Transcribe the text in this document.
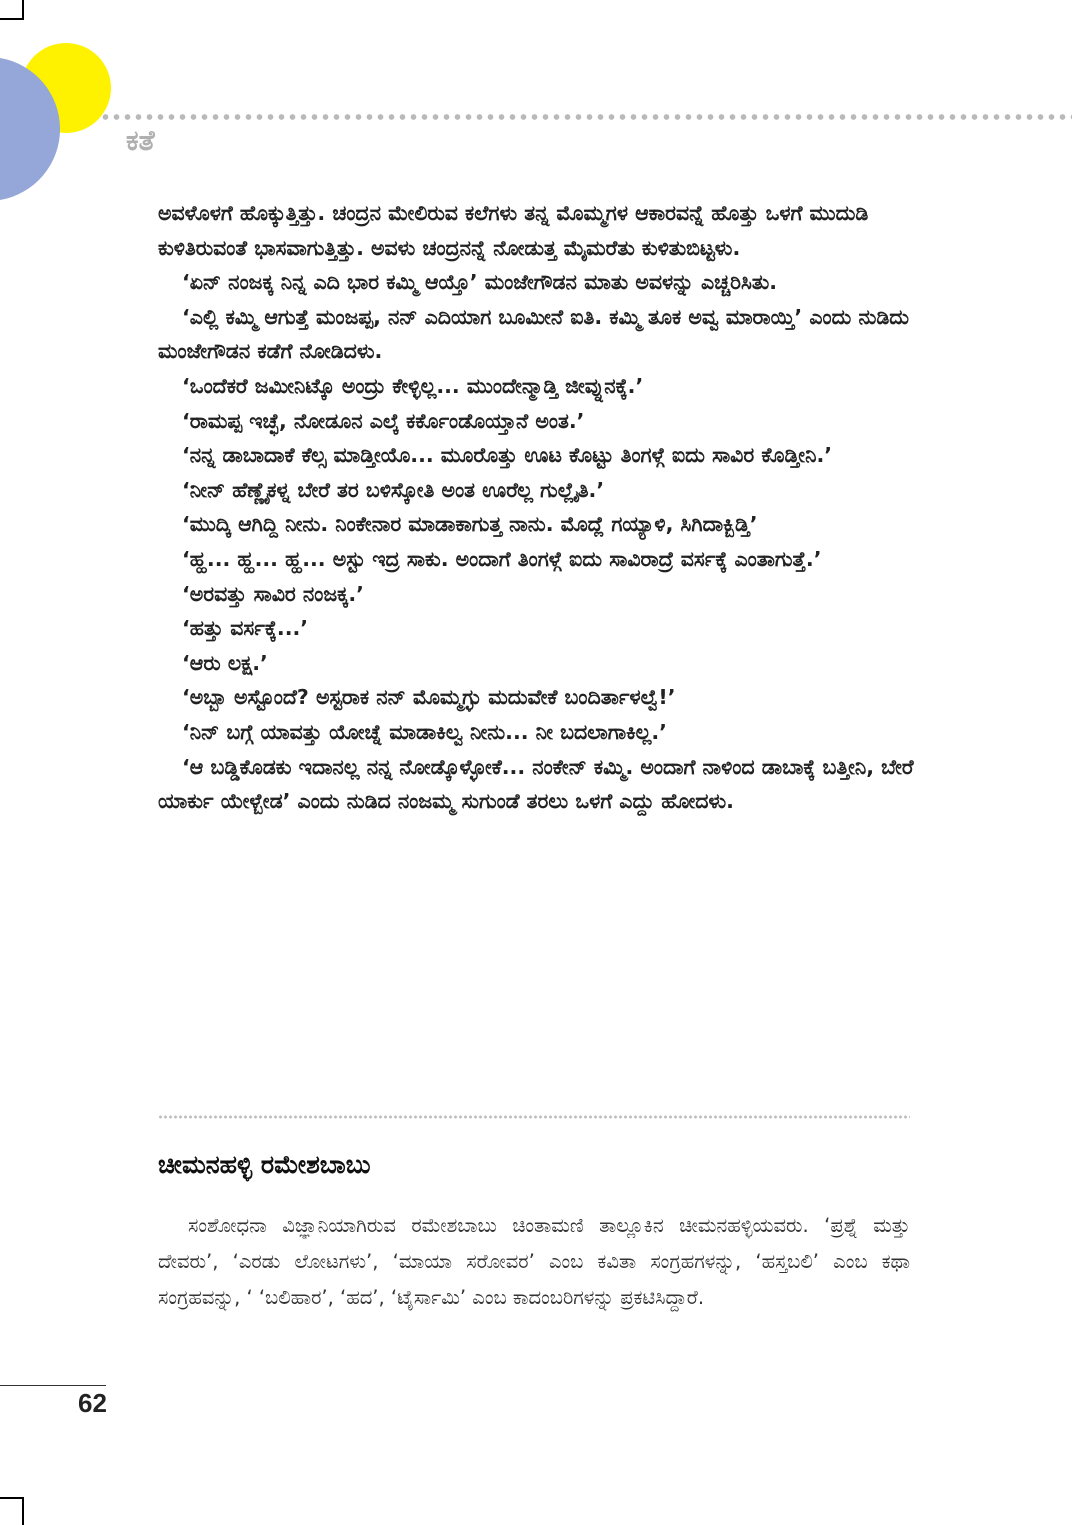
ಕತೆ

ಅವಳೊಳಗೆ ಹೊಕ್ಕುತ್ತಿತ್ತು. ಚಂದ್ರನ ಮೇಲಿರುವ ಕಲೆಗಳು ತನ್ನ ಮೊಮ್ಮಗಳ ಆಕಾರವನ್ನೆ ಹೊತ್ತು ಒಳಗೆ ಮುದುಡಿ ಕುಳಿತಿರುವಂತೆ ಭಾಸವಾಗುತ್ತಿತ್ತು. ಅವಳು ಚಂದ್ರನನ್ನೆ ನೋಡುತ್ತ ಮೈಮರೆತು ಕುಳಿತುಬಿಟ್ಟಳು.

‘ಏನ್ ನಂಜಕ್ಕ ನಿನ್ನ ಎದಿ ಭಾರ ಕಮ್ಮಿ ಆಯ್ತೊ’ ಮಂಜೇಗೌಡನ ಮಾತು ಅವಳನ್ನು ಎಚ್ಚರಿಸಿತು.

‘ಎಲ್ಲಿ ಕಮ್ಮಿ ಆಗುತ್ತೆ ಮಂಜಪ್ಪ, ನನ್ ಎದಿಯಾಗ ಬೂಮೀನೆ ಐತಿ. ಕಮ್ಮಿ ತೂಕ ಅವ್ವ ಮಾರಾಯ್ತಿ’ ಎಂದು ನುಡಿದು ಮಂಜೇಗೌಡನ ಕಡೆಗೆ ನೋಡಿದಳು.

‘ಒಂದೆಕರೆ ಜಮೀನಿಟ್ಕೊ ಅಂದ್ರು ಕೇಳ್ಳಿಲ್ಲ... ಮುಂದೇನ್ಮಾಡ್ತಿ ಜೀವ್ನುನಕ್ಕೆ.’

‘ರಾಮಪ್ಪ ಇಚ್ಛೆ, ನೋಡೂನ ಎಲ್ಕೆ ಕರ್ಕೊಂಡೊಯ್ತಾನೆ ಅಂತ.’

‘ನನ್ನ ಡಾಬಾದಾಕೆ ಕೆಲ್ಸ ಮಾಡ್ತೀಯೊ... ಮೂರೊತ್ತು ಊಟ ಕೊಟ್ಟು ತಿಂಗಳ್ಗೆ ಐದು ಸಾವಿರ ಕೊಡ್ತೀನಿ.’

‘ನೀನ್ ಹೆಣ್ಣೈಕಳ್ನ ಬೇರೆ ತರ ಬಳಿಸ್ಕೋತಿ ಅಂತ ಊರೆಲ್ಲ ಗುಲ್ಲೈತಿ.’

‘ಮುದ್ಕಿ ಆಗಿದ್ದಿ ನೀನು. ನಿಂಕೇನಾರ ಮಾಡಾಕಾಗುತ್ತ ನಾನು. ಮೊದ್ಲೆ ಗಯ್ಯಾಳಿ, ಸಿಗಿದಾಕ್ಬಿಡ್ತಿ’

‘ಹ್ಹ... ಹ್ಹ... ಹ್ಹ... ಅಸ್ಟು ಇದ್ರ ಸಾಕು. ಅಂದಾಗೆ ತಿಂಗಳ್ಗೆ ಐದು ಸಾವಿರಾದ್ರೆ ವರ್ಸಕ್ಕೆ ಎಂತಾಗುತ್ತೆ.’

‘ಅರವತ್ತು ಸಾವಿರ ನಂಜಕ್ಕ.’

‘ಹತ್ತು ವರ್ಸಕ್ಕೆ...’

‘ಆರು ಲಕ್ಷ.’

‘ಅಬ್ಬಾ ಅಸ್ಟೊಂದೆ? ಅಸ್ಟರಾಕ ನನ್ ಮೊಮ್ಮಗ್ಳು ಮದುವೇಕೆ ಬಂದಿರ್ತಾಳಲ್ವೆ!’

‘ನಿನ್ ಬಗ್ಗೆ ಯಾವತ್ತು ಯೋಚ್ನೆ ಮಾಡಾಕಿಲ್ವ ನೀನು... ನೀ ಬದಲಾಗಾಕಿಲ್ಲ.’

‘ಆ ಬಡ್ಡಿಕೊಡಕು ಇದಾನಲ್ಲ ನನ್ನ ನೋಡ್ಕೊಳ್ಳೋಕೆ... ನಂಕೇನ್ ಕಮ್ಮಿ. ಅಂದಾಗೆ ನಾಳಿಂದ ಡಾಬಾಕ್ಕೆ ಬತ್ತೀನಿ, ಬೇರೆ ಯಾರ್ಕು ಯೇಳ್ಬೇಡ’ ಎಂದು ನುಡಿದ ನಂಜಮ್ಮ ಸುಗುಂಡೆ ತರಲು ಒಳಗೆ ಎದ್ದು ಹೋದಳು.

ಚೀಮನಹಳ್ಳಿ ರಮೇಶಬಾಬು

ಸಂಶೋಧನಾ ವಿಜ್ಞಾನಿಯಾಗಿರುವ ರಮೇಶಬಾಬು ಚಿಂತಾಮಣಿ ತಾಲ್ಲೂಕಿನ ಚೀಮನಹಳ್ಳಿಯವರು. ‘ಪ್ರಶ್ನೆ ಮತ್ತು ದೇವರು’, ‘ಎರಡು ಲೋಟಗಳು’, ‘ಮಾಯಾ ಸರೋವರ’ ಎಂಬ ಕವಿತಾ ಸಂಗ್ರಹಗಳನ್ನು, ‘ಹಸ್ತಬಲಿ’ ಎಂಬ ಕಥಾ ಸಂಗ್ರಹವನ್ನು, ‘ ‘ಬಲಿಹಾರ’, ‘ಹದ’, ‘ಟೈರ್ಸಾಮಿ’ ಎಂಬ ಕಾದಂಬರಿಗಳನ್ನು ಪ್ರಕಟಿಸಿದ್ದಾರೆ.

62
